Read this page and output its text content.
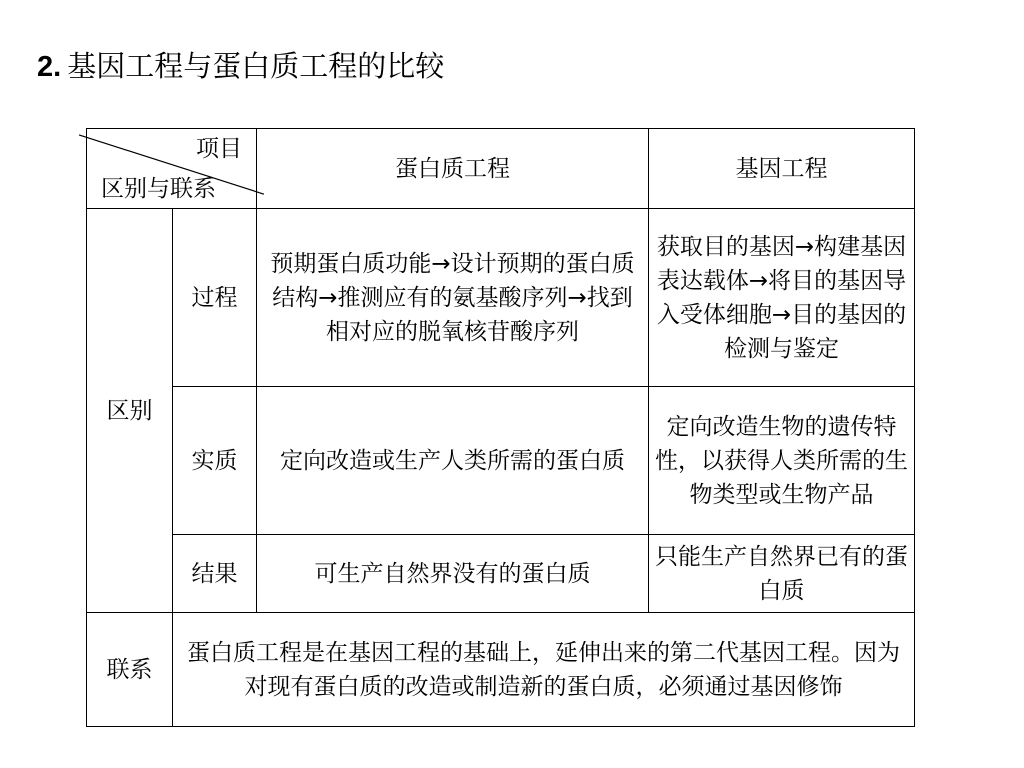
2. 基因工程与蛋白质工程的比较
项目
区别与联系		蛋白质工程	基因工程
区别	过程	预期蛋白质功能→设计预期的蛋白质结构→推测应有的氨基酸序列→找到相对应的脱氧核苷酸序列	获取目的基因→构建基因表达载体→将目的基因导入受体细胞→目的基因的检测与鉴定
	实质	定向改造或生产人类所需的蛋白质	定向改造生物的遗传特性，以获得人类所需的生物类型或生物产品
	结果	可生产自然界没有的蛋白质	只能生产自然界已有的蛋白质
联系	蛋白质工程是在基因工程的基础上，延伸出来的第二代基因工程。因为对现有蛋白质的改造或制造新的蛋白质，必须通过基因修饰		
